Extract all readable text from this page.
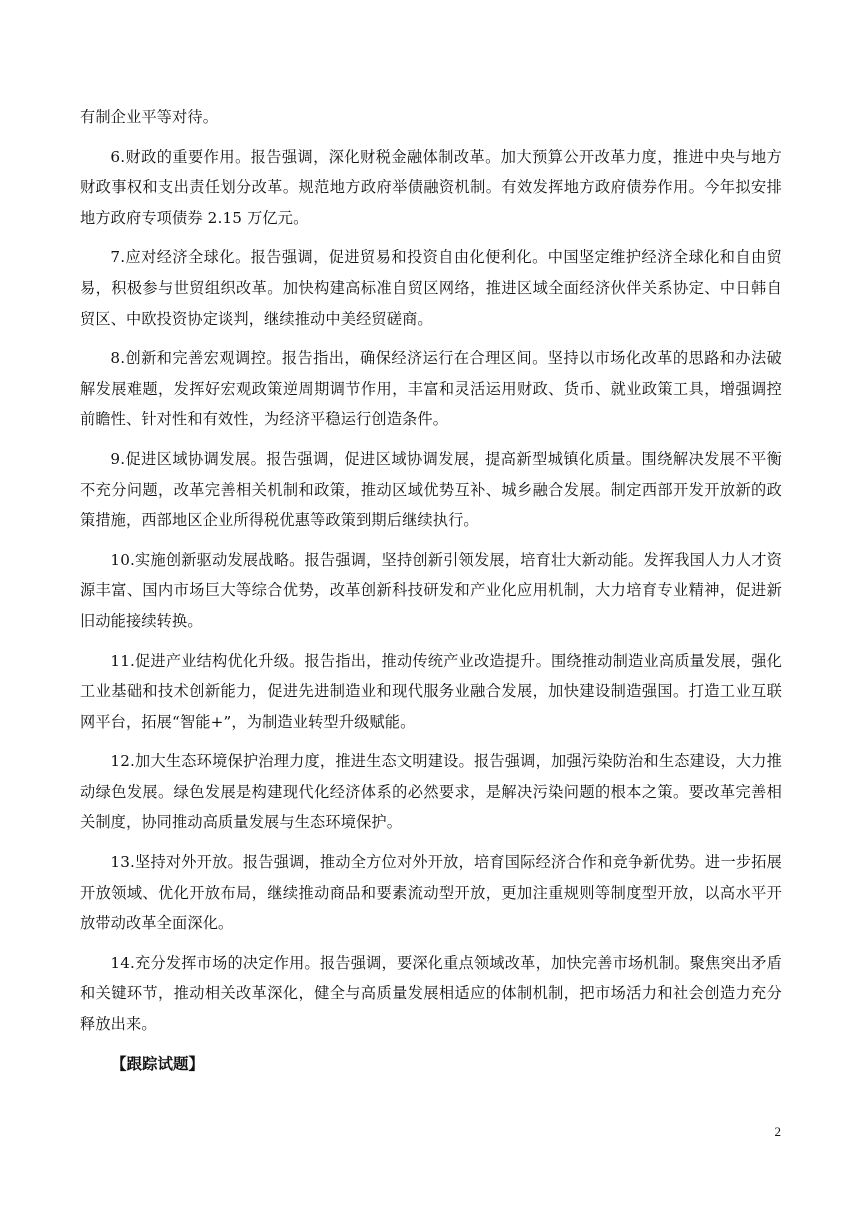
有制企业平等对待。

6.财政的重要作用。报告强调，深化财税金融体制改革。加大预算公开改革力度，推进中央与地方财政事权和支出责任划分改革。规范地方政府举债融资机制。有效发挥地方政府债券作用。今年拟安排地方政府专项债券 2.15 万亿元。

7.应对经济全球化。报告强调，促进贸易和投资自由化便利化。中国坚定维护经济全球化和自由贸易，积极参与世贸组织改革。加快构建高标准自贸区网络，推进区域全面经济伙伴关系协定、中日韩自贸区、中欧投资协定谈判，继续推动中美经贸磋商。

8.创新和完善宏观调控。报告指出，确保经济运行在合理区间。坚持以市场化改革的思路和办法破解发展难题，发挥好宏观政策逆周期调节作用，丰富和灵活运用财政、货币、就业政策工具，增强调控前瞻性、针对性和有效性，为经济平稳运行创造条件。

9.促进区域协调发展。报告强调，促进区域协调发展，提高新型城镇化质量。围绕解决发展不平衡不充分问题，改革完善相关机制和政策，推动区域优势互补、城乡融合发展。制定西部开发开放新的政策措施，西部地区企业所得税优惠等政策到期后继续执行。

10.实施创新驱动发展战略。报告强调，坚持创新引领发展，培育壮大新动能。发挥我国人力人才资源丰富、国内市场巨大等综合优势，改革创新科技研发和产业化应用机制，大力培育专业精神，促进新旧动能接续转换。

11.促进产业结构优化升级。报告指出，推动传统产业改造提升。围绕推动制造业高质量发展，强化工业基础和技术创新能力，促进先进制造业和现代服务业融合发展，加快建设制造强国。打造工业互联网平台，拓展“智能+”，为制造业转型升级赋能。

12.加大生态环境保护治理力度，推进生态文明建设。报告强调，加强污染防治和生态建设，大力推动绿色发展。绿色发展是构建现代化经济体系的必然要求，是解决污染问题的根本之策。要改革完善相关制度，协同推动高质量发展与生态环境保护。

13.坚持对外开放。报告强调，推动全方位对外开放，培育国际经济合作和竞争新优势。进一步拓展开放领域、优化开放布局，继续推动商品和要素流动型开放，更加注重规则等制度型开放，以高水平开放带动改革全面深化。

14.充分发挥市场的决定作用。报告强调，要深化重点领域改革，加快完善市场机制。聚焦突出矛盾和关键环节，推动相关改革深化，健全与高质量发展相适应的体制机制，把市场活力和社会创造力充分释放出来。

【跟踪试题】

2
